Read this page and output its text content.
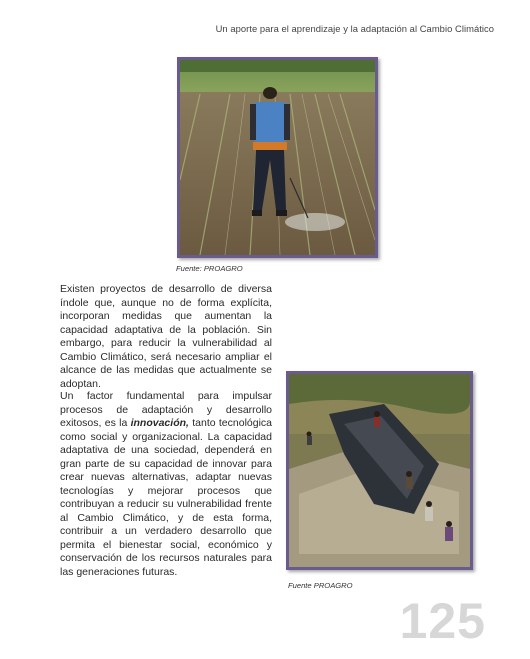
Un aporte para el aprendizaje y la adaptación al Cambio Climático
Fuente: PROAGRO

Existen proyectos de desarrollo de diversa índole que, aunque no de forma explícita, incorporan medidas que aumentan la capacidad adaptativa de la población. Sin embargo, para reducir la vulnerabilidad al Cambio Climático, será necesario ampliar el alcance de las medidas que actualmente se adoptan.

Un factor fundamental para impulsar procesos de adaptación y desarrollo exitosos, es la innovación, tanto tecnológica como social y organizacional. La capacidad adaptativa de una sociedad, dependerá en gran parte de su capacidad de innovar para crear nuevas alternativas, adaptar nuevas tecnologías y mejorar procesos que contribuyan a reducir su vulnerabilidad frente al Cambio Climático, y de esta forma, contribuir a un verdadero desarrollo que permita el bienestar social, económico y conservación de los recursos naturales para las generaciones futuras.

Fuente PROAGRO
125
